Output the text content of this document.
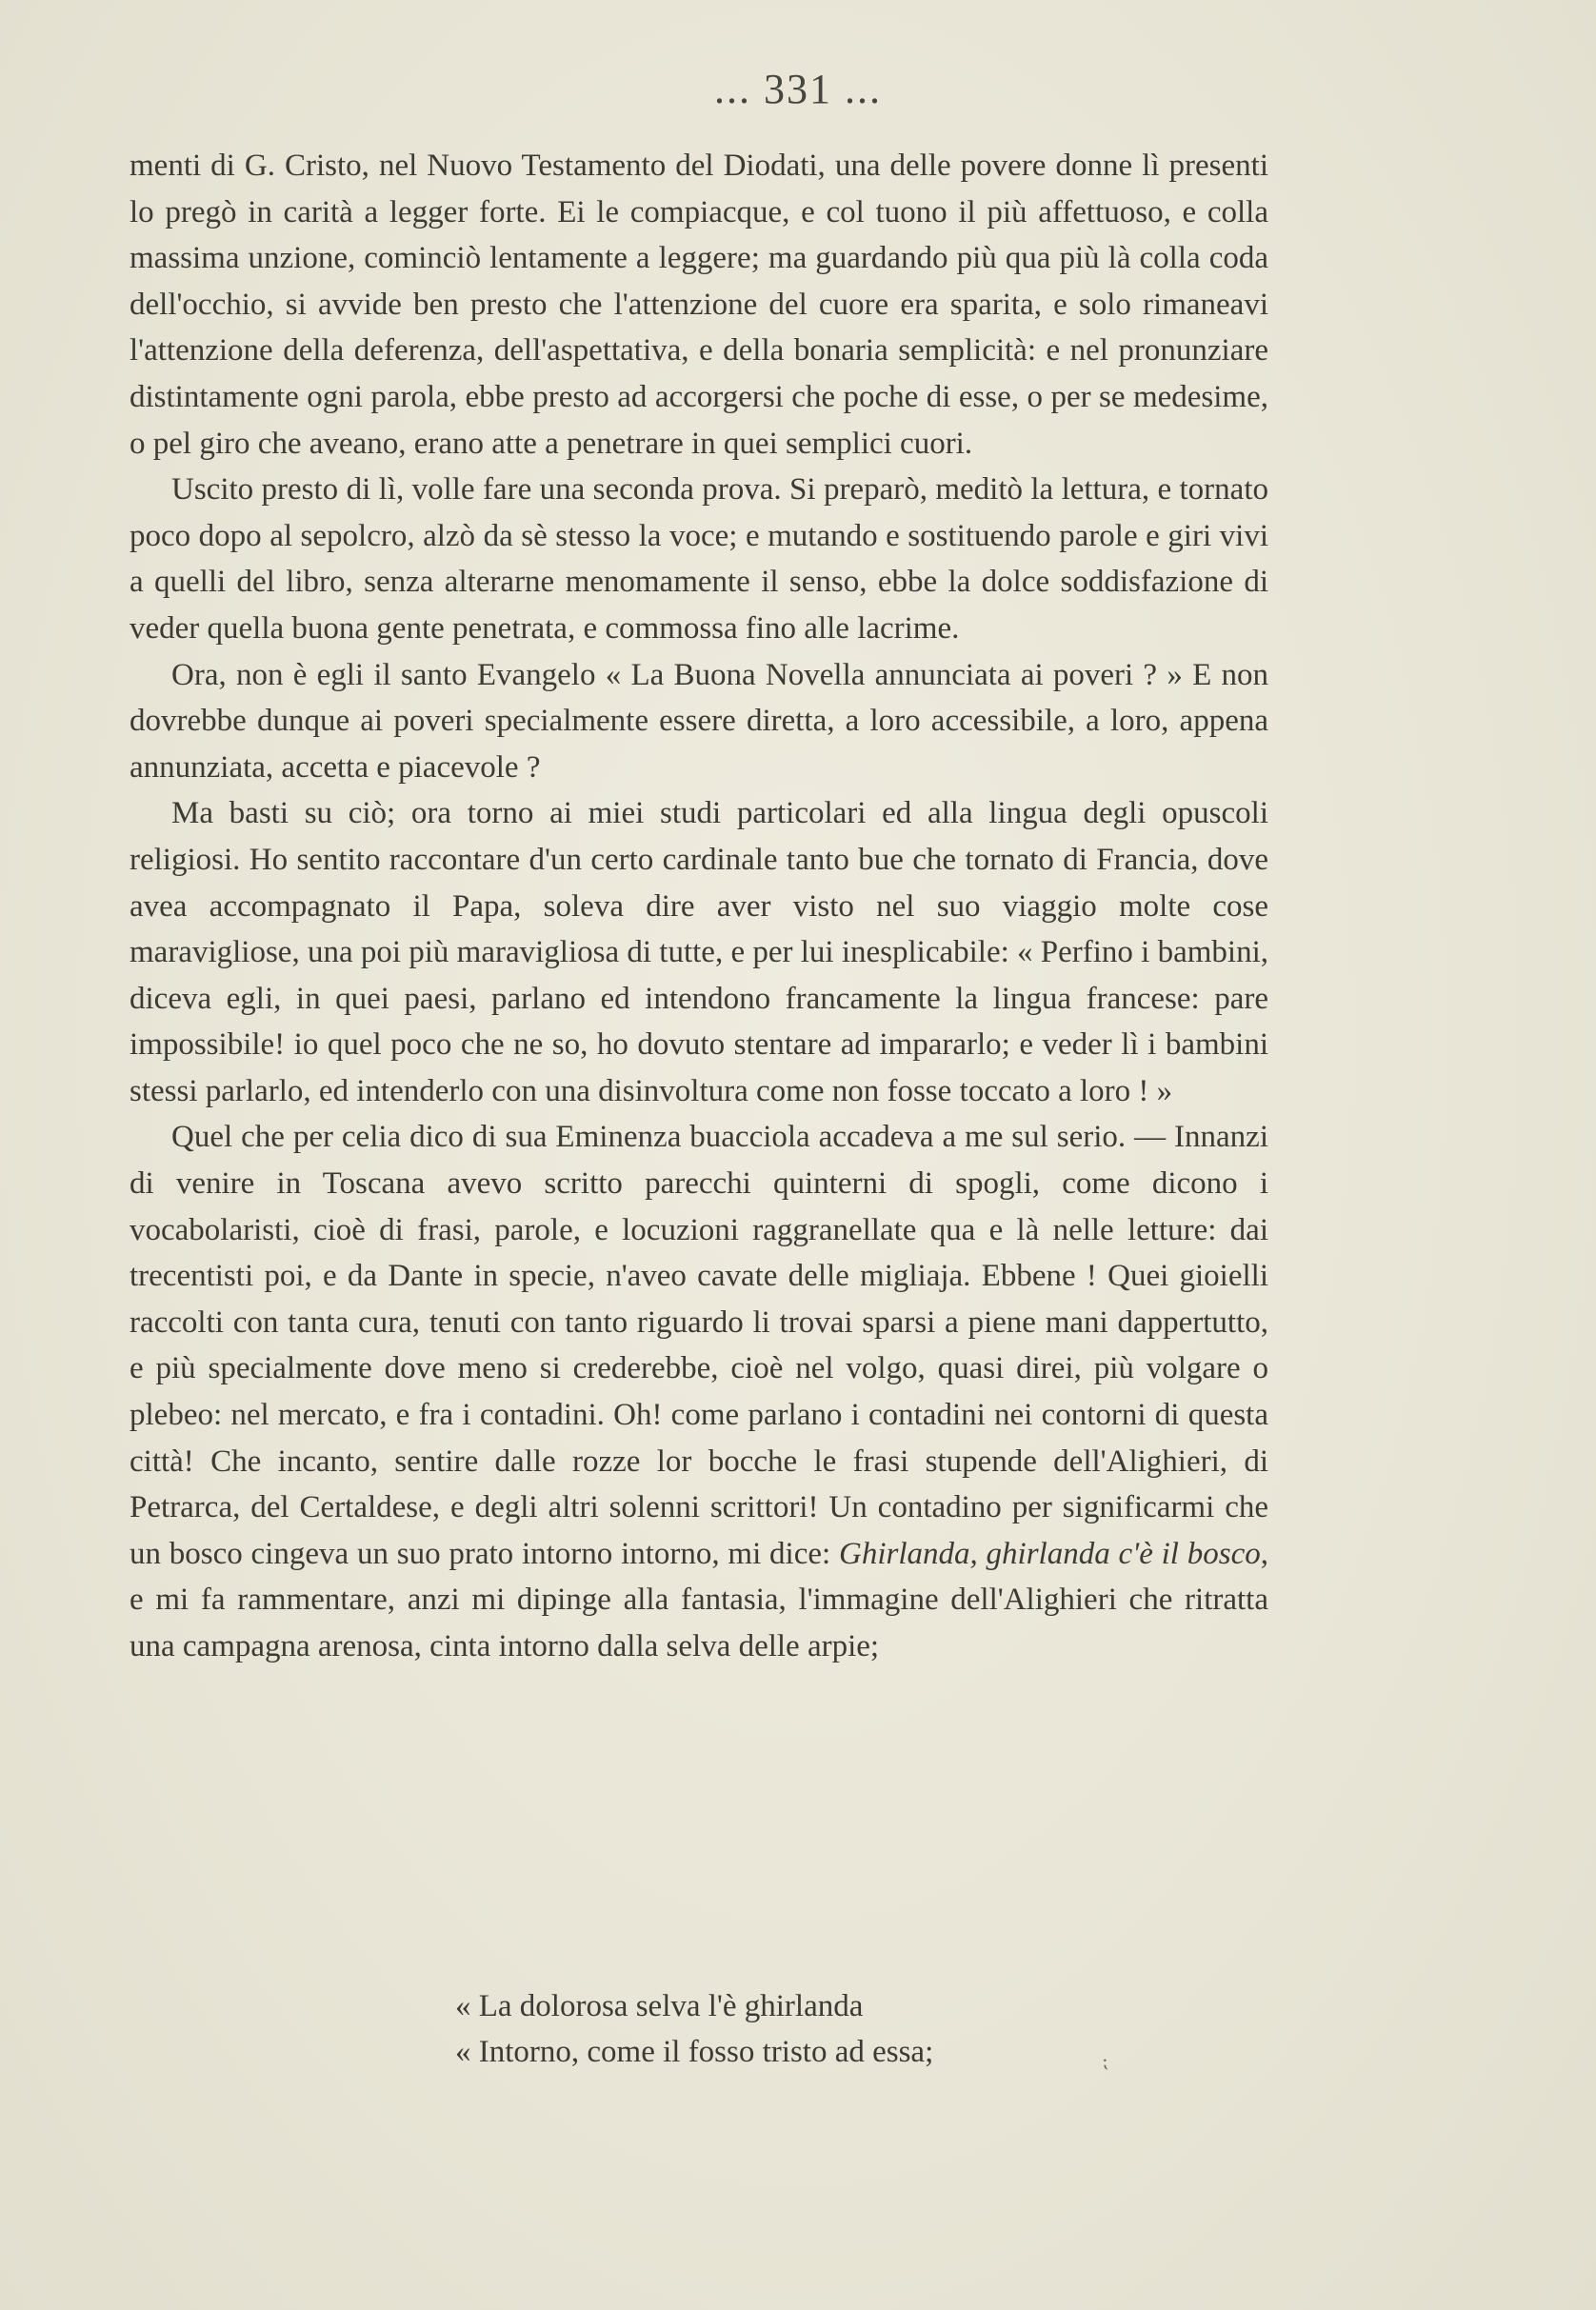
... 331 ...

menti di G. Cristo, nel Nuovo Testamento del Diodati, una delle povere donne lì presenti lo pregò in carità a legger forte. Ei le compiacque, e col tuono il più affettuoso, e colla massima unzione, cominciò lentamente a leggere; ma guardando più qua più là colla coda dell'occhio, si avvide ben presto che l'attenzione del cuore era sparita, e solo rimaneavi l'attenzione della deferenza, dell'aspettativa, e della bonaria semplicità: e nel pronunziare distintamente ogni parola, ebbe presto ad accorgersi che poche di esse, o per se medesime, o pel giro che aveano, erano atte a penetrare in quei semplici cuori.

Uscito presto di lì, volle fare una seconda prova. Si preparò, meditò la lettura, e tornato poco dopo al sepolcro, alzò da sè stesso la voce; e mutando e sostituendo parole e giri vivi a quelli del libro, senza alterarne menomamente il senso, ebbe la dolce soddisfazione di veder quella buona gente penetrata, e commossa fino alle lacrime.

Ora, non è egli il santo Evangelo « La Buona Novella annunciata ai poveri ? » E non dovrebbe dunque ai poveri specialmente essere diretta, a loro accessibile, a loro, appena annunziata, accetta e piacevole ?

Ma basti su ciò; ora torno ai miei studi particolari ed alla lingua degli opuscoli religiosi. Ho sentito raccontare d'un certo cardinale tanto bue che tornato di Francia, dove avea accompagnato il Papa, soleva dire aver visto nel suo viaggio molte cose maravigliose, una poi più maravigliosa di tutte, e per lui inesplicabile: « Perfino i bambini, diceva egli, in quei paesi, parlano ed intendono francamente la lingua francese: pare impossibile! io quel poco che ne so, ho dovuto stentare ad impararlo; e veder lì i bambini stessi parlarlo, ed intenderlo con una disinvoltura come non fosse toccato a loro ! »

Quel che per celia dico di sua Eminenza buacciola accadeva a me sul serio. — Innanzi di venire in Toscana avevo scritto parecchi quinterni di spogli, come dicono i vocabolaristi, cioè di frasi, parole, e locuzioni raggranellate qua e là nelle letture: dai trecentisti poi, e da Dante in specie, n'aveo cavate delle migliaja. Ebbene ! Quei gioielli raccolti con tanta cura, tenuti con tanto riguardo li trovai sparsi a piene mani dappertutto, e più specialmente dove meno si crederebbe, cioè nel volgo, quasi direi, più volgare o plebeo: nel mercato, e fra i contadini. Oh! come parlano i contadini nei contorni di questa città! Che incanto, sentire dalle rozze lor bocche le frasi stupende dell'Alighieri, di Petrarca, del Certaldese, e degli altri solenni scrittori! Un contadino per significarmi che un bosco cingeva un suo prato intorno intorno, mi dice: Ghirlanda, ghirlanda c'è il bosco, e mi fa rammentare, anzi mi dipinge alla fantasia, l'immagine dell'Alighieri che ritratta una campagna arenosa, cinta intorno dalla selva delle arpie;

« La dolorosa selva l'è ghirlanda
« Intorno, come il fosso tristo ad essa;	⁏
